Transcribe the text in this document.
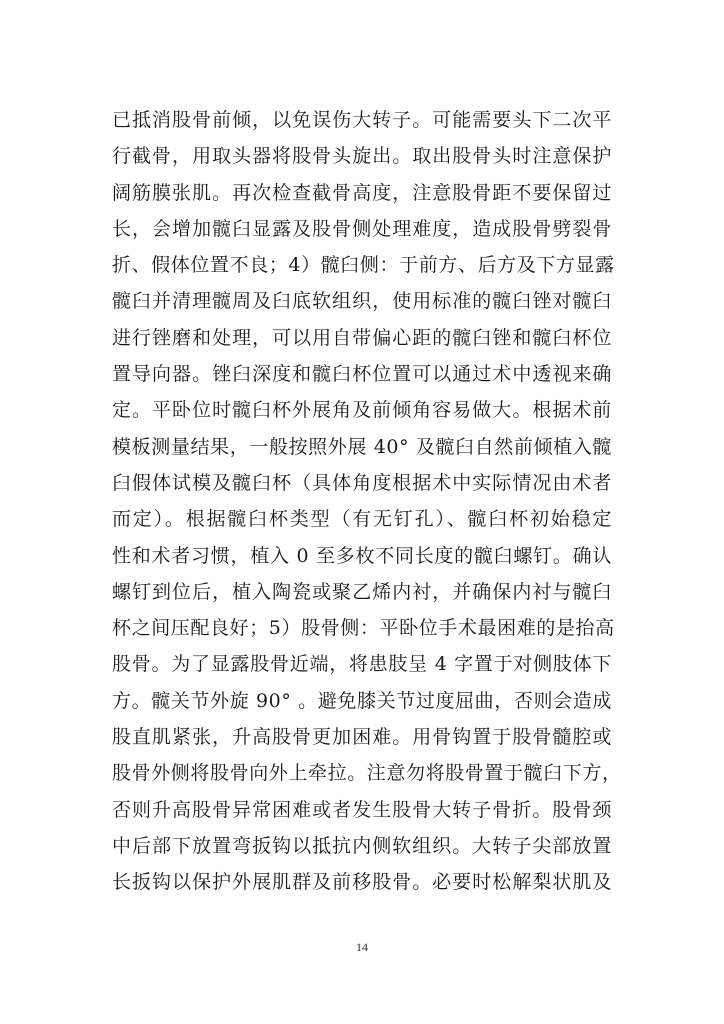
已抵消股骨前倾，以免误伤大转子。可能需要头下二次平
行截骨，用取头器将股骨头旋出。取出股骨头时注意保护
阔筋膜张肌。再次检查截骨高度，注意股骨距不要保留过
长，会增加髋臼显露及股骨侧处理难度，造成股骨劈裂骨
折、假体位置不良；4）髋臼侧：于前方、后方及下方显露
髋臼并清理髋周及臼底软组织，使用标准的髋臼锉对髋臼
进行锉磨和处理，可以用自带偏心距的髋臼锉和髋臼杯位
置导向器。锉臼深度和髋臼杯位置可以通过术中透视来确
定。平卧位时髋臼杯外展角及前倾角容易做大。根据术前
模板测量结果，一般按照外展 40° 及髋臼自然前倾植入髋
臼假体试模及髋臼杯（具体角度根据术中实际情况由术者
而定）。根据髋臼杯类型（有无钉孔）、髋臼杯初始稳定
性和术者习惯，植入 0 至多枚不同长度的髋臼螺钉。确认
螺钉到位后，植入陶瓷或聚乙烯内衬，并确保内衬与髋臼
杯之间压配良好；5）股骨侧：平卧位手术最困难的是抬高
股骨。为了显露股骨近端，将患肢呈 4 字置于对侧肢体下
方。髋关节外旋 90° 。避免膝关节过度屈曲，否则会造成
股直肌紧张，升高股骨更加困难。用骨钩置于股骨髓腔或
股骨外侧将股骨向外上牵拉。注意勿将股骨置于髋臼下方，
否则升高股骨异常困难或者发生股骨大转子骨折。股骨颈
中后部下放置弯扳钩以抵抗内侧软组织。大转子尖部放置
长扳钩以保护外展肌群及前移股骨。必要时松解梨状肌及
14
